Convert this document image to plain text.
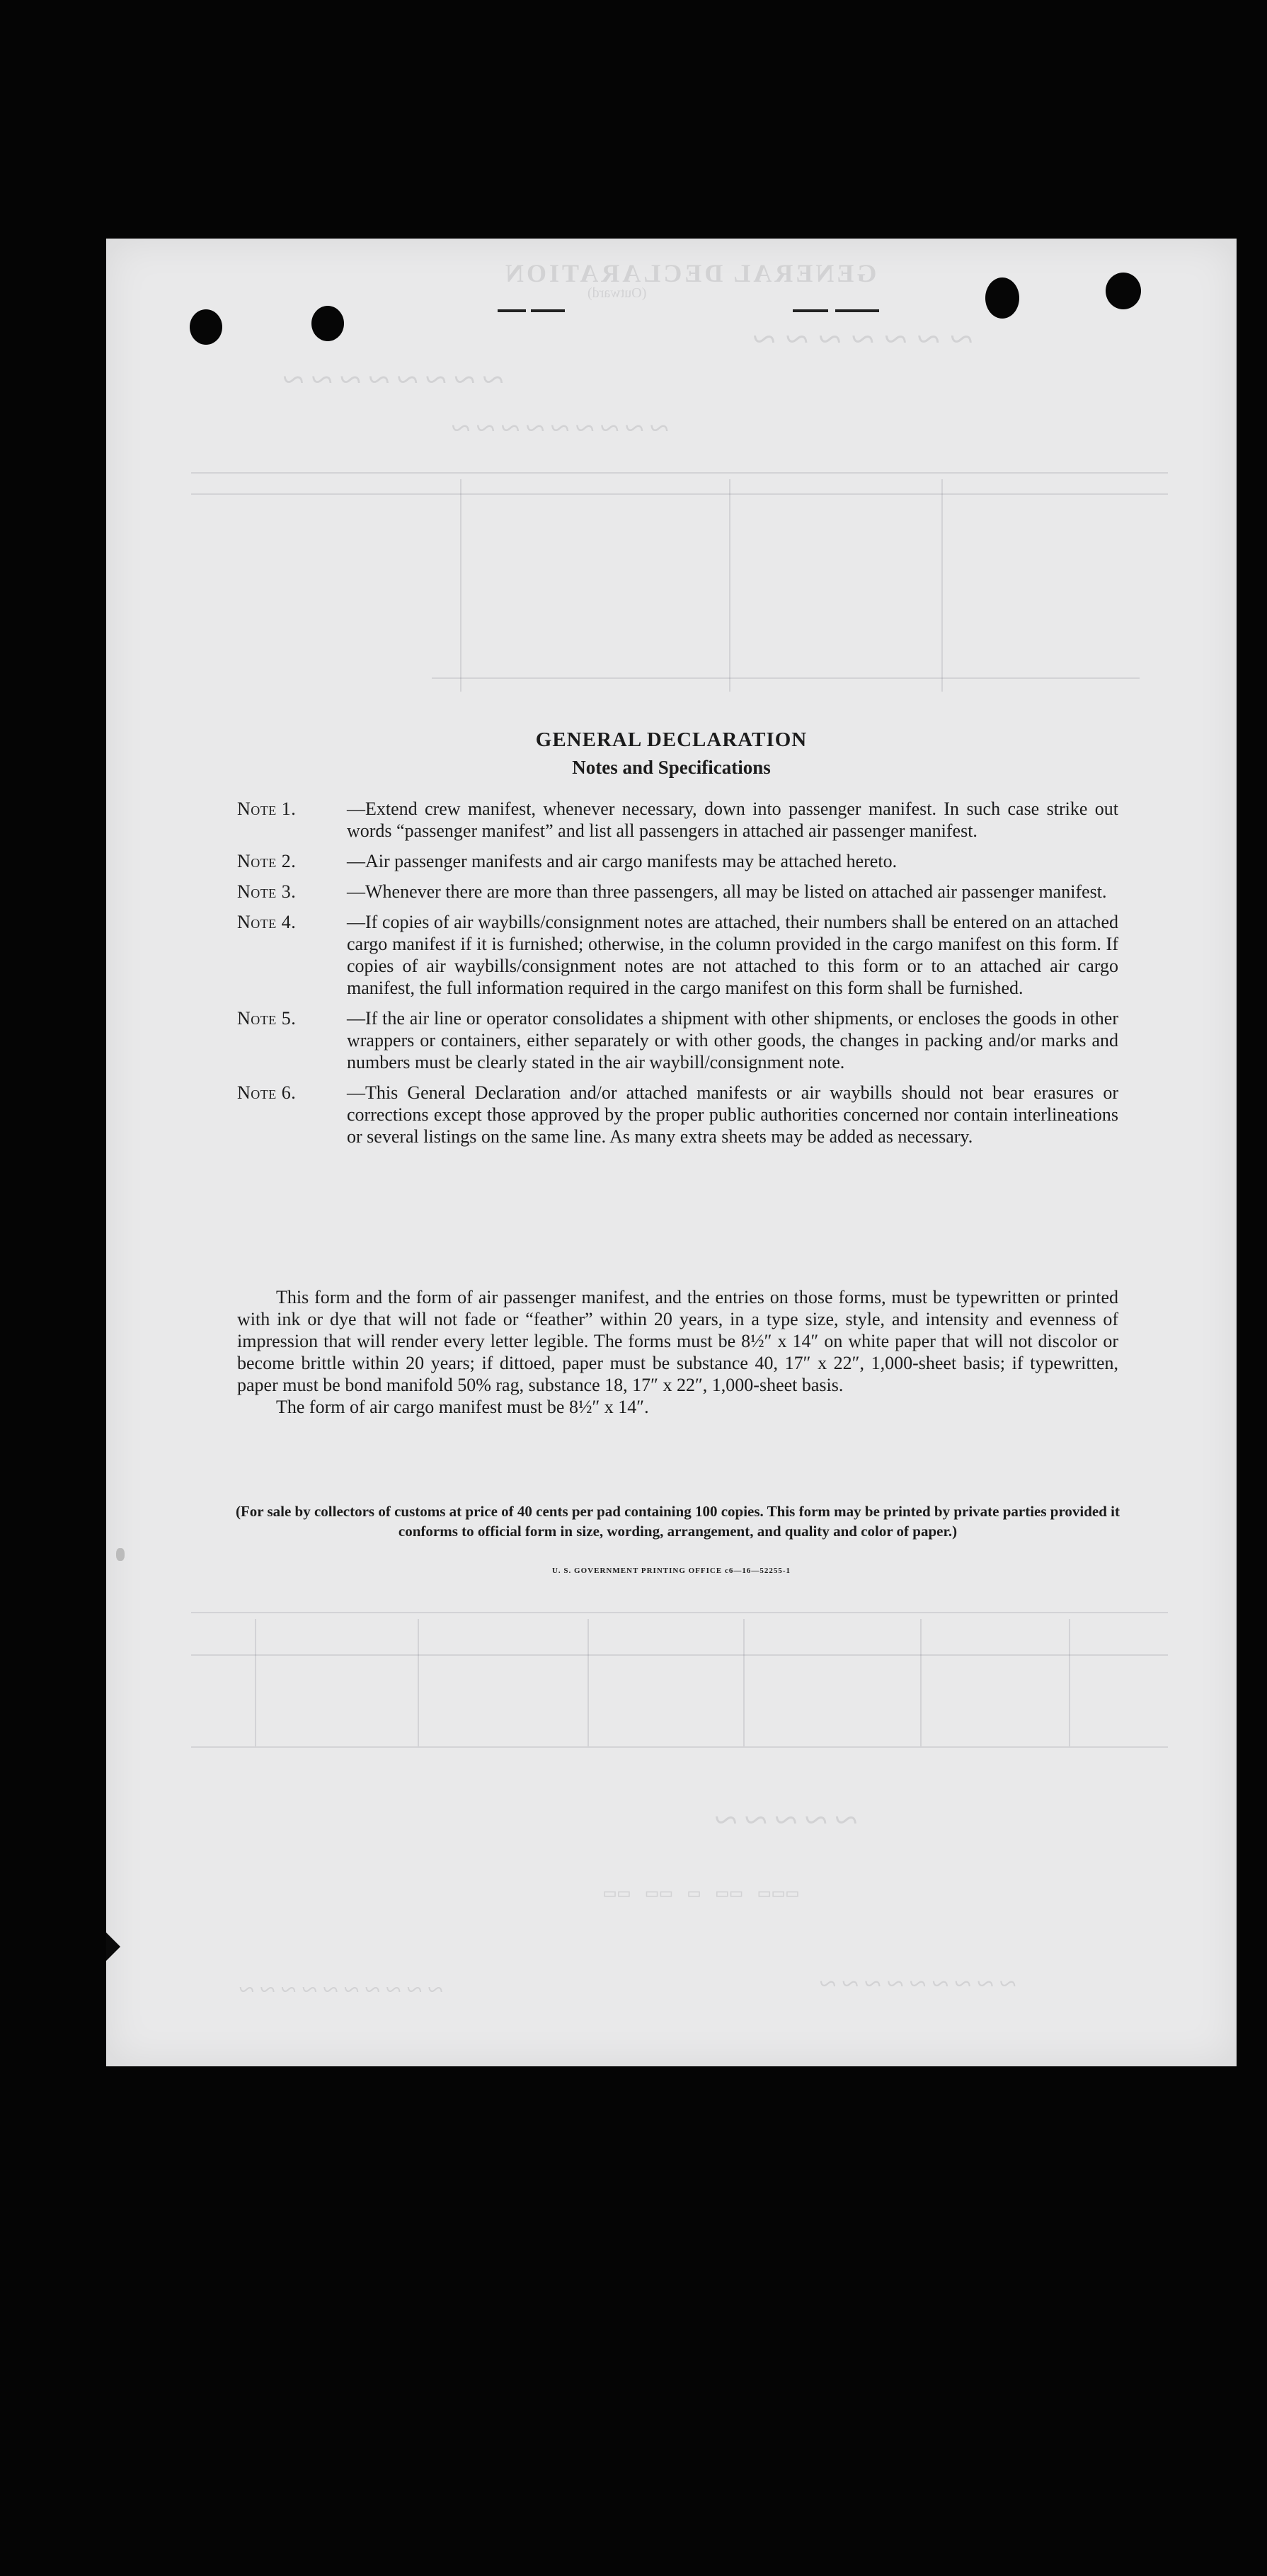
GENERAL DECLARATION
(Outward)
~~~~~~~
~~~~~~~~
~~~~~~~~~
~~~~~
~~~~~~~~~~	~~~~~~~~~
▭▭▭ ▭▭ ▭ ▭▭ ▭▭
GENERAL DECLARATION
Notes and Specifications
Note 1.	—Extend crew manifest, whenever necessary, down into passenger manifest. In such case strike out words “passenger manifest” and list all passengers in attached air passenger manifest.
Note 2.	—Air passenger manifests and air cargo manifests may be attached hereto.
Note 3.	—Whenever there are more than three passengers, all may be listed on attached air passenger manifest.
Note 4.	—If copies of air waybills/consignment notes are attached, their numbers shall be entered on an attached cargo manifest if it is furnished; otherwise, in the column provided in the cargo manifest on this form. If copies of air waybills/consignment notes are not attached to this form or to an attached air cargo manifest, the full information required in the cargo manifest on this form shall be furnished.
Note 5.	—If the air line or operator consolidates a shipment with other shipments, or encloses the goods in other wrappers or containers, either separately or with other goods, the changes in packing and/or marks and numbers must be clearly stated in the air waybill/consignment note.
Note 6.	—This General Declaration and/or attached manifests or air waybills should not bear erasures or corrections except those approved by the proper public authorities concerned nor contain interlineations or several listings on the same line. As many extra sheets may be added as necessary.

This form and the form of air passenger manifest, and the entries on those forms, must be typewritten or printed with ink or dye that will not fade or “feather” within 20 years, in a type size, style, and intensity and evenness of impression that will render every letter legible. The forms must be 8½″ x 14″ on white paper that will not discolor or become brittle within 20 years; if dittoed, paper must be substance 40, 17″ x 22″, 1,000-sheet basis; if typewritten, paper must be bond manifold 50% rag, substance 18, 17″ x 22″, 1,000-sheet basis.

The form of air cargo manifest must be 8½″ x 14″.

(For sale by collectors of customs at price of 40 cents per pad containing 100 copies. This form may be printed by private parties provided it conforms to official form in size, wording, arrangement, and quality and color of paper.)
U. S. GOVERNMENT PRINTING OFFICE c6—16—52255-1
